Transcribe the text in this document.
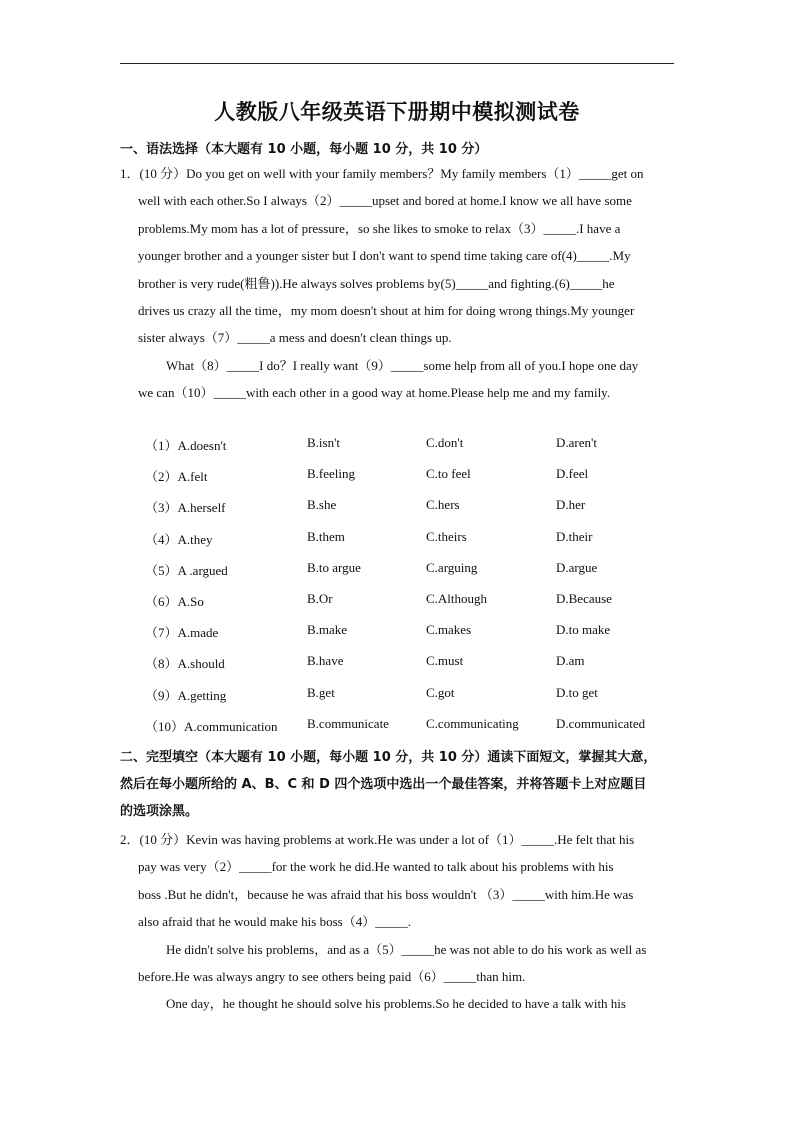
人教版八年级英语下册期中模拟测试卷
一、语法选择（本大题有 10 小题，每小题 10 分，共 10 分）
1．(10 分）Do you get on well with your family members？My family members（1）_____get on
well with each other.So I always（2）_____upset and bored at home.I know we all have some
problems.My mom has a lot of pressure，so she likes to smoke to relax（3）_____.I have a
younger brother and a younger sister but I don't want to spend time taking care of(4)_____.My
brother is very rude(粗鲁)).He always solves problems by(5)_____and fighting.(6)_____he
drives us crazy all the time，my mom doesn't shout at him for doing wrong things.My younger
sister always（7）_____a mess and doesn't clean things up.
What（8）_____I do？I really want（9）_____some help from all of you.I hope one day
we can（10）_____with each other in a good way at home.Please help me and my family.
（1）A.doesn't	B.isn't	C.don't	D.aren't
（2）A.felt	B.feeling	C.to feel	D.feel
（3）A.herself	B.she	C.hers	D.her
（4）A.they	B.them	C.theirs	D.their
（5）A .argued	B.to argue	C.arguing	D.argue
（6）A.So	B.Or	C.Although	D.Because
（7）A.made	B.make	C.makes	D.to make
（8）A.should	B.have	C.must	D.am
（9）A.getting	B.get	C.got	D.to get
（10）A.communication B.communicate	C.communicating	D.communicated
二、完型填空（本大题有 10 小题，每小题 10 分，共 10 分）通读下面短文，掌握其大意，
然后在每小题所给的 A、B、C 和 D 四个选项中选出一个最佳答案，并将答题卡上对应题目
的选项涂黑。
2．(10 分）Kevin was having problems at work.He was under a lot of（1）_____.He felt that his
pay was very（2）_____for the work he did.He wanted to talk about his problems with his
boss .But he didn't，because he was afraid that his boss wouldn't （3）_____with him.He was
also afraid that he would make his boss（4）_____.
He didn't solve his problems，and as a（5）_____he was not able to do his work as well as
before.He was always angry to see others being paid（6）_____than him.
One day，he thought he should solve his problems.So he decided to have a talk with his
